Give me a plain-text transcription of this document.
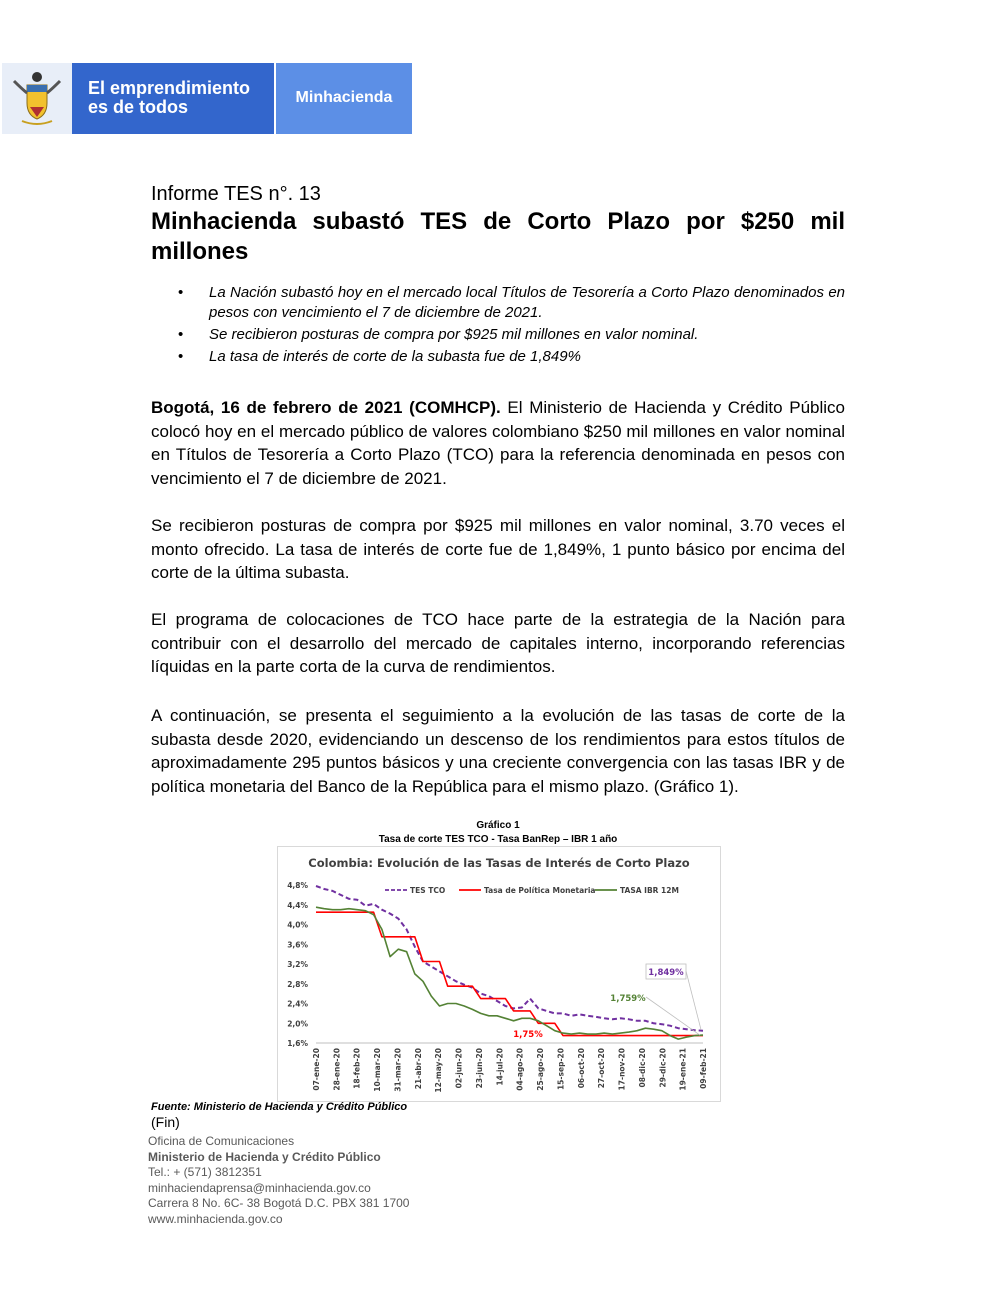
El emprendimiento
es de todos	Minhacienda
Informe TES n°. 13
Minhacienda subastó TES de Corto Plazo por $250 mil millones
• La Nación subastó hoy en el mercado local Títulos de Tesorería a Corto Plazo denominados en pesos con vencimiento el 7 de diciembre de 2021.
• Se recibieron posturas de compra por $925 mil millones en valor nominal.
• La tasa de interés de corte de la subasta fue de 1,849%

Bogotá, 16 de febrero de 2021 (COMHCP). El Ministerio de Hacienda y Crédito Público colocó hoy en el mercado público de valores colombiano $250 mil millones en valor nominal en Títulos de Tesorería a Corto Plazo (TCO) para la referencia denominada en pesos con vencimiento el 7 de diciembre de 2021.

Se recibieron posturas de compra por $925 mil millones en valor nominal, 3.70 veces el monto ofrecido. La tasa de interés de corte fue de 1,849%, 1 punto básico por encima del corte de la última subasta.

El programa de colocaciones de TCO hace parte de la estrategia de la Nación para contribuir con el desarrollo del mercado de capitales interno, incorporando referencias líquidas en la parte corta de la curva de rendimientos.

A continuación, se presenta el seguimiento a la evolución de las tasas de corte de la subasta desde 2020, evidenciando un descenso de los rendimientos para estos títulos de aproximadamente 295 puntos básicos y una creciente convergencia con las tasas IBR y de política monetaria del Banco de la República para el mismo plazo. (Gráfico 1).

Gráfico 1
Tasa de corte TES TCO - Tasa BanRep – IBR 1 año
Colombia: Evolución de las Tasas de Interés de Corto Plazo
TES TCO	Tasa de Política Monetaria	TASA IBR 12M
4,8%
4,4%
4,0%
3,6%
3,2%
2,8%
2,4%
2,0%
1,6%
07-ene-20 28-ene-20 18-feb-20 10-mar-20 31-mar-20 21-abr-20 12-may-20 02-jun-20 23-jun-20 14-jul-20 04-ago-20 25-ago-20 15-sep-20 06-oct-20 27-oct-20 17-nov-20 08-dic-20 29-dic-20 19-ene-21 09-feb-21
1,849%
1,759%
1,75%
Fuente: Ministerio de Hacienda y Crédito Público
(Fin)
Oficina de Comunicaciones
Ministerio de Hacienda y Crédito Público
Tel.: + (571) 3812351
minhaciendaprensa@minhacienda.gov.co
Carrera 8 No. 6C- 38 Bogotá D.C. PBX 381 1700
www.minhacienda.gov.co
